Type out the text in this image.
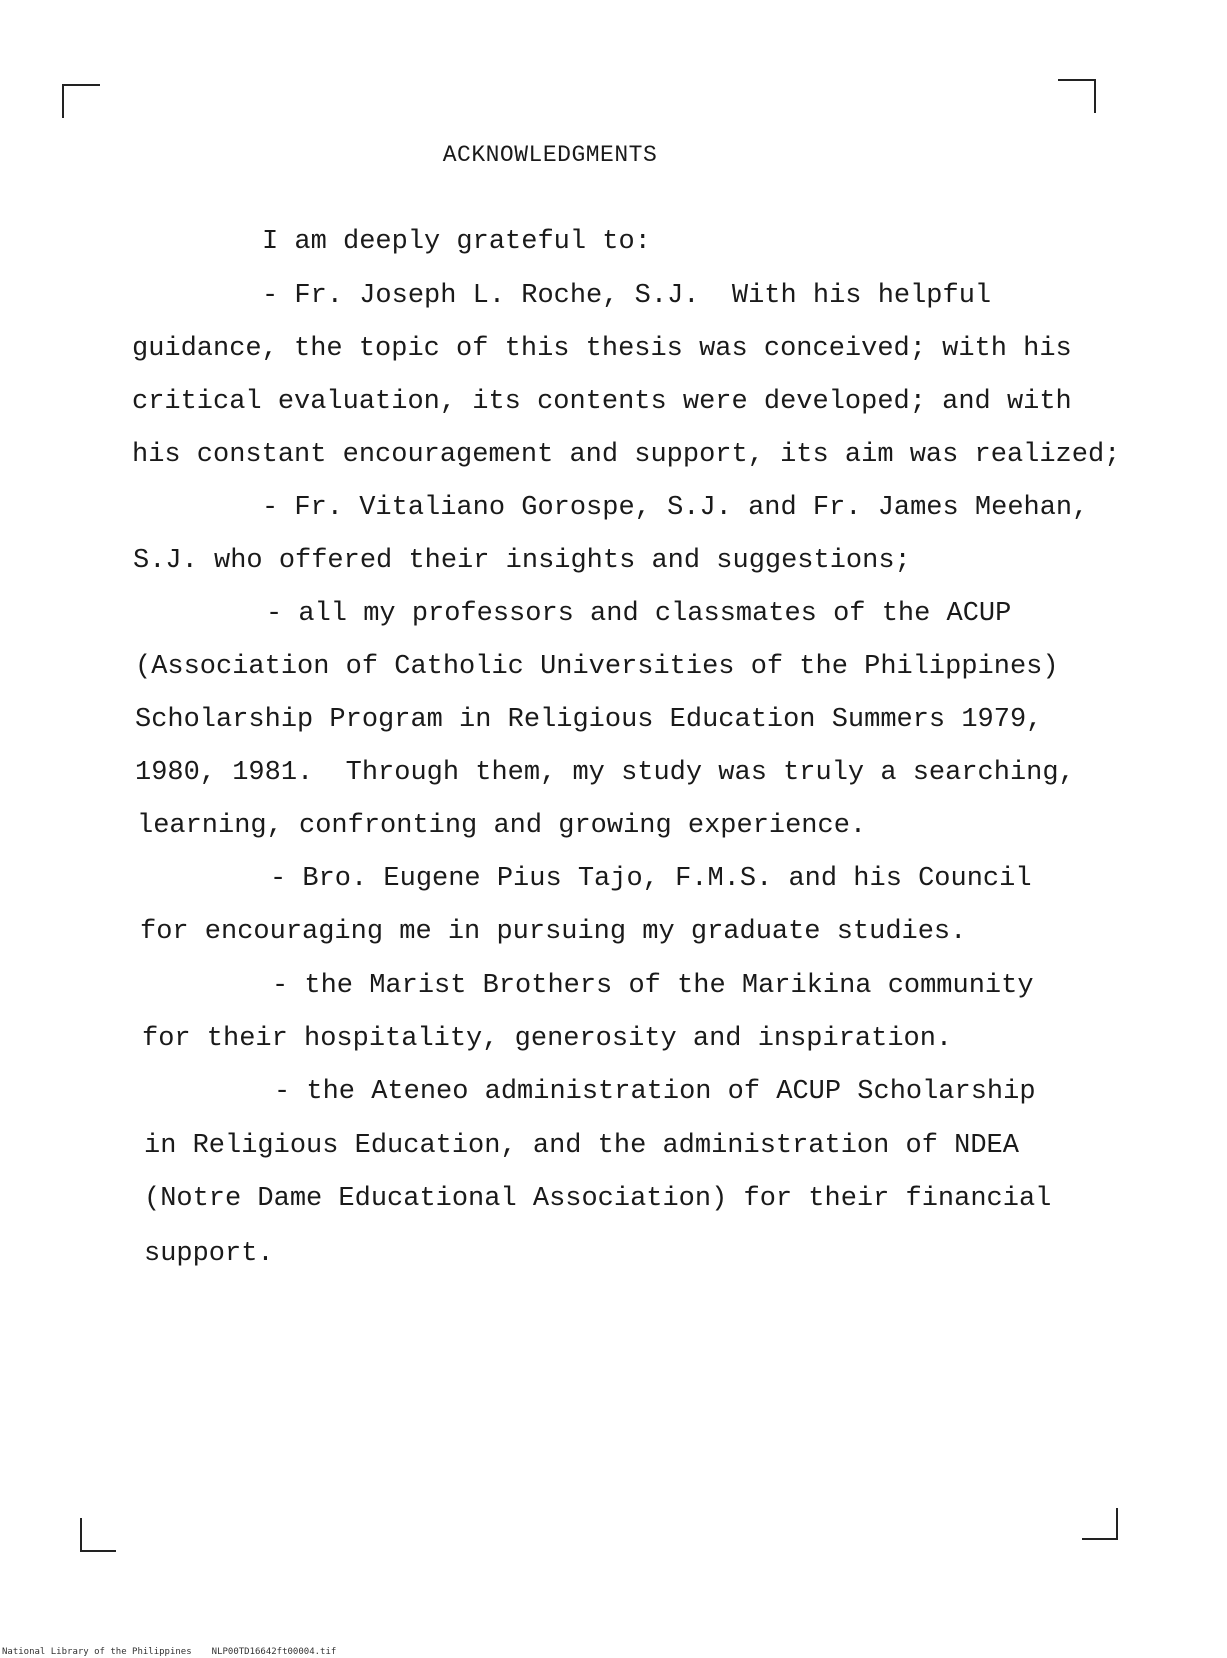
ACKNOWLEDGMENTS
I am deeply grateful to:
- Fr. Joseph L. Roche, S.J.  With his helpful
guidance, the topic of this thesis was conceived; with his
critical evaluation, its contents were developed; and with
his constant encouragement and support, its aim was realized;
- Fr. Vitaliano Gorospe, S.J. and Fr. James Meehan,
S.J. who offered their insights and suggestions;
- all my professors and classmates of the ACUP
(Association of Catholic Universities of the Philippines)
Scholarship Program in Religious Education Summers 1979,
1980, 1981.  Through them, my study was truly a searching,
learning, confronting and growing experience.
- Bro. Eugene Pius Tajo, F.M.S. and his Council
for encouraging me in pursuing my graduate studies.
- the Marist Brothers of the Marikina community
for their hospitality, generosity and inspiration.
- the Ateneo administration of ACUP Scholarship
in Religious Education, and the administration of NDEA
(Notre Dame Educational Association) for their financial
support.
National Library of the Philippines NLP00TD16642ft00004.tif
